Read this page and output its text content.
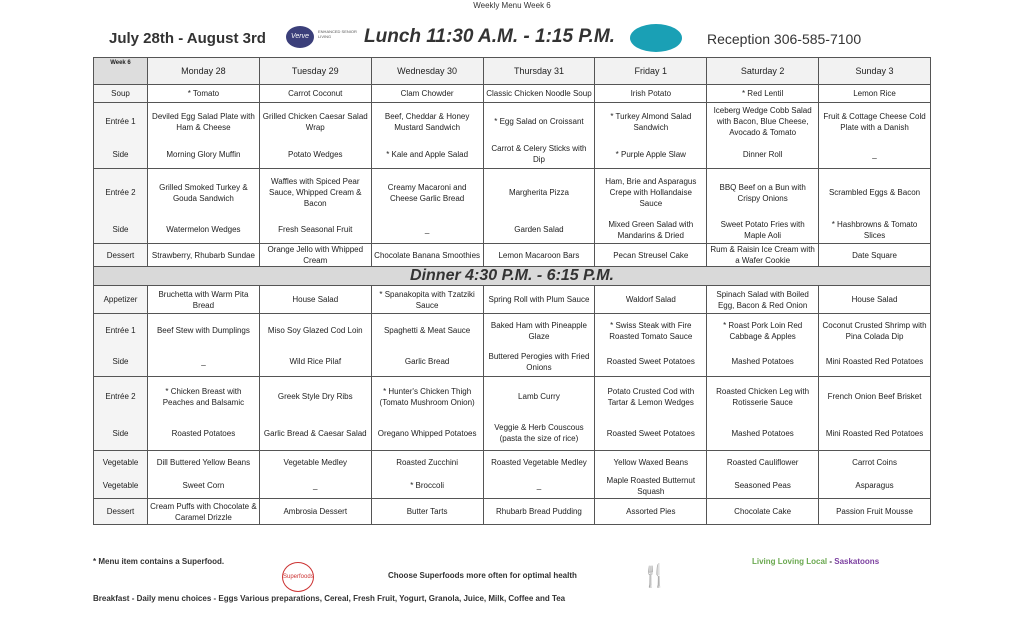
Weekly Menu Week 6
July 28th - August 3rd	Verve
ENHANCED SENIOR LIVING	Lunch 11:30 A.M. - 1:15 P.M.	Reception 306-585-7100
Week 6	Monday 28	Tuesday 29	Wednesday 30	Thursday 31	Friday 1	Saturday 2	Sunday 3
Soup	* Tomato	Carrot Coconut	Clam Chowder	Classic Chicken Noodle Soup	Irish Potato	* Red Lentil	Lemon Rice
Entrée 1	Deviled Egg Salad Plate with Ham & Cheese	Grilled Chicken Caesar Salad Wrap	Beef, Cheddar & Honey Mustard Sandwich	* Egg Salad on Croissant	* Turkey Almond Salad Sandwich	Iceberg Wedge Cobb Salad with Bacon, Blue Cheese, Avocado & Tomato	Fruit & Cottage Cheese Cold Plate with a Danish
Side	Morning Glory Muffin	Potato Wedges	* Kale and Apple Salad	Carrot & Celery Sticks with Dip	* Purple Apple Slaw	Dinner Roll	_
Entrée 2	Grilled Smoked Turkey & Gouda Sandwich	Waffles with Spiced Pear Sauce, Whipped Cream & Bacon	Creamy Macaroni and Cheese Garlic Bread	Margherita Pizza	Ham, Brie and Asparagus Crepe with Hollandaise Sauce	BBQ Beef on a Bun with Crispy Onions	Scrambled Eggs & Bacon
Side	Watermelon Wedges	Fresh Seasonal Fruit	_	Garden Salad	Mixed Green Salad with Mandarins & Dried	Sweet Potato Fries with Maple Aoli	* Hashbrowns & Tomato Slices
Dessert	Strawberry, Rhubarb Sundae	Orange Jello with Whipped Cream	Chocolate Banana Smoothies	Lemon Macaroon Bars	Pecan Streusel Cake	Rum & Raisin Ice Cream with a Wafer Cookie	Date Square
Dinner 4:30 P.M. - 6:15 P.M.							
Appetizer	Bruchetta with Warm Pita Bread	House Salad	* Spanakopita with Tzatziki Sauce	Spring Roll with Plum Sauce	Waldorf Salad	Spinach Salad with Boiled Egg, Bacon & Red Onion	House Salad
Entrée 1	Beef Stew with Dumplings	Miso Soy Glazed Cod Loin	Spaghetti & Meat Sauce	Baked Ham with Pineapple Glaze	* Swiss Steak with Fire Roasted Tomato Sauce	* Roast Pork Loin Red Cabbage & Apples	Coconut Crusted Shrimp with Pina Colada Dip
Side	_	Wild Rice Pilaf	Garlic Bread	Buttered Perogies with Fried Onions	Roasted Sweet Potatoes	Mashed Potatoes	Mini Roasted Red Potatoes
Entrée 2	* Chicken Breast with Peaches and Balsamic	Greek Style Dry Ribs	* Hunter's Chicken Thigh (Tomato Mushroom Onion)	Lamb Curry	Potato Crusted Cod with Tartar & Lemon Wedges	Roasted Chicken Leg with Rotisserie Sauce	French Onion Beef Brisket
Side	Roasted Potatoes	Garlic Bread & Caesar Salad	Oregano Whipped Potatoes	Veggie & Herb Couscous (pasta the size of rice)	Roasted Sweet Potatoes	Mashed Potatoes	Mini Roasted Red Potatoes
Vegetable	Dill Buttered Yellow Beans	Vegetable Medley	Roasted Zucchini	Roasted Vegetable Medley	Yellow Waxed Beans	Roasted Cauliflower	Carrot Coins
Vegetable	Sweet Corn	_	* Broccoli	_	Maple Roasted Butternut Squash	Seasoned Peas	Asparagus
Dessert	Cream Puffs with Chocolate & Caramel Drizzle	Ambrosia Dessert	Butter Tarts	Rhubarb Bread Pudding	Assorted Pies	Chocolate Cake	Passion Fruit Mousse
* Menu item contains a Superfood.
Superfoods	Choose Superfoods more often for optimal health	🍴
Living Loving Local - Saskatoons
Breakfast - Daily menu choices - Eggs Various preparations, Cereal, Fresh Fruit, Yogurt, Granola, Juice, Milk, Coffee and Tea
